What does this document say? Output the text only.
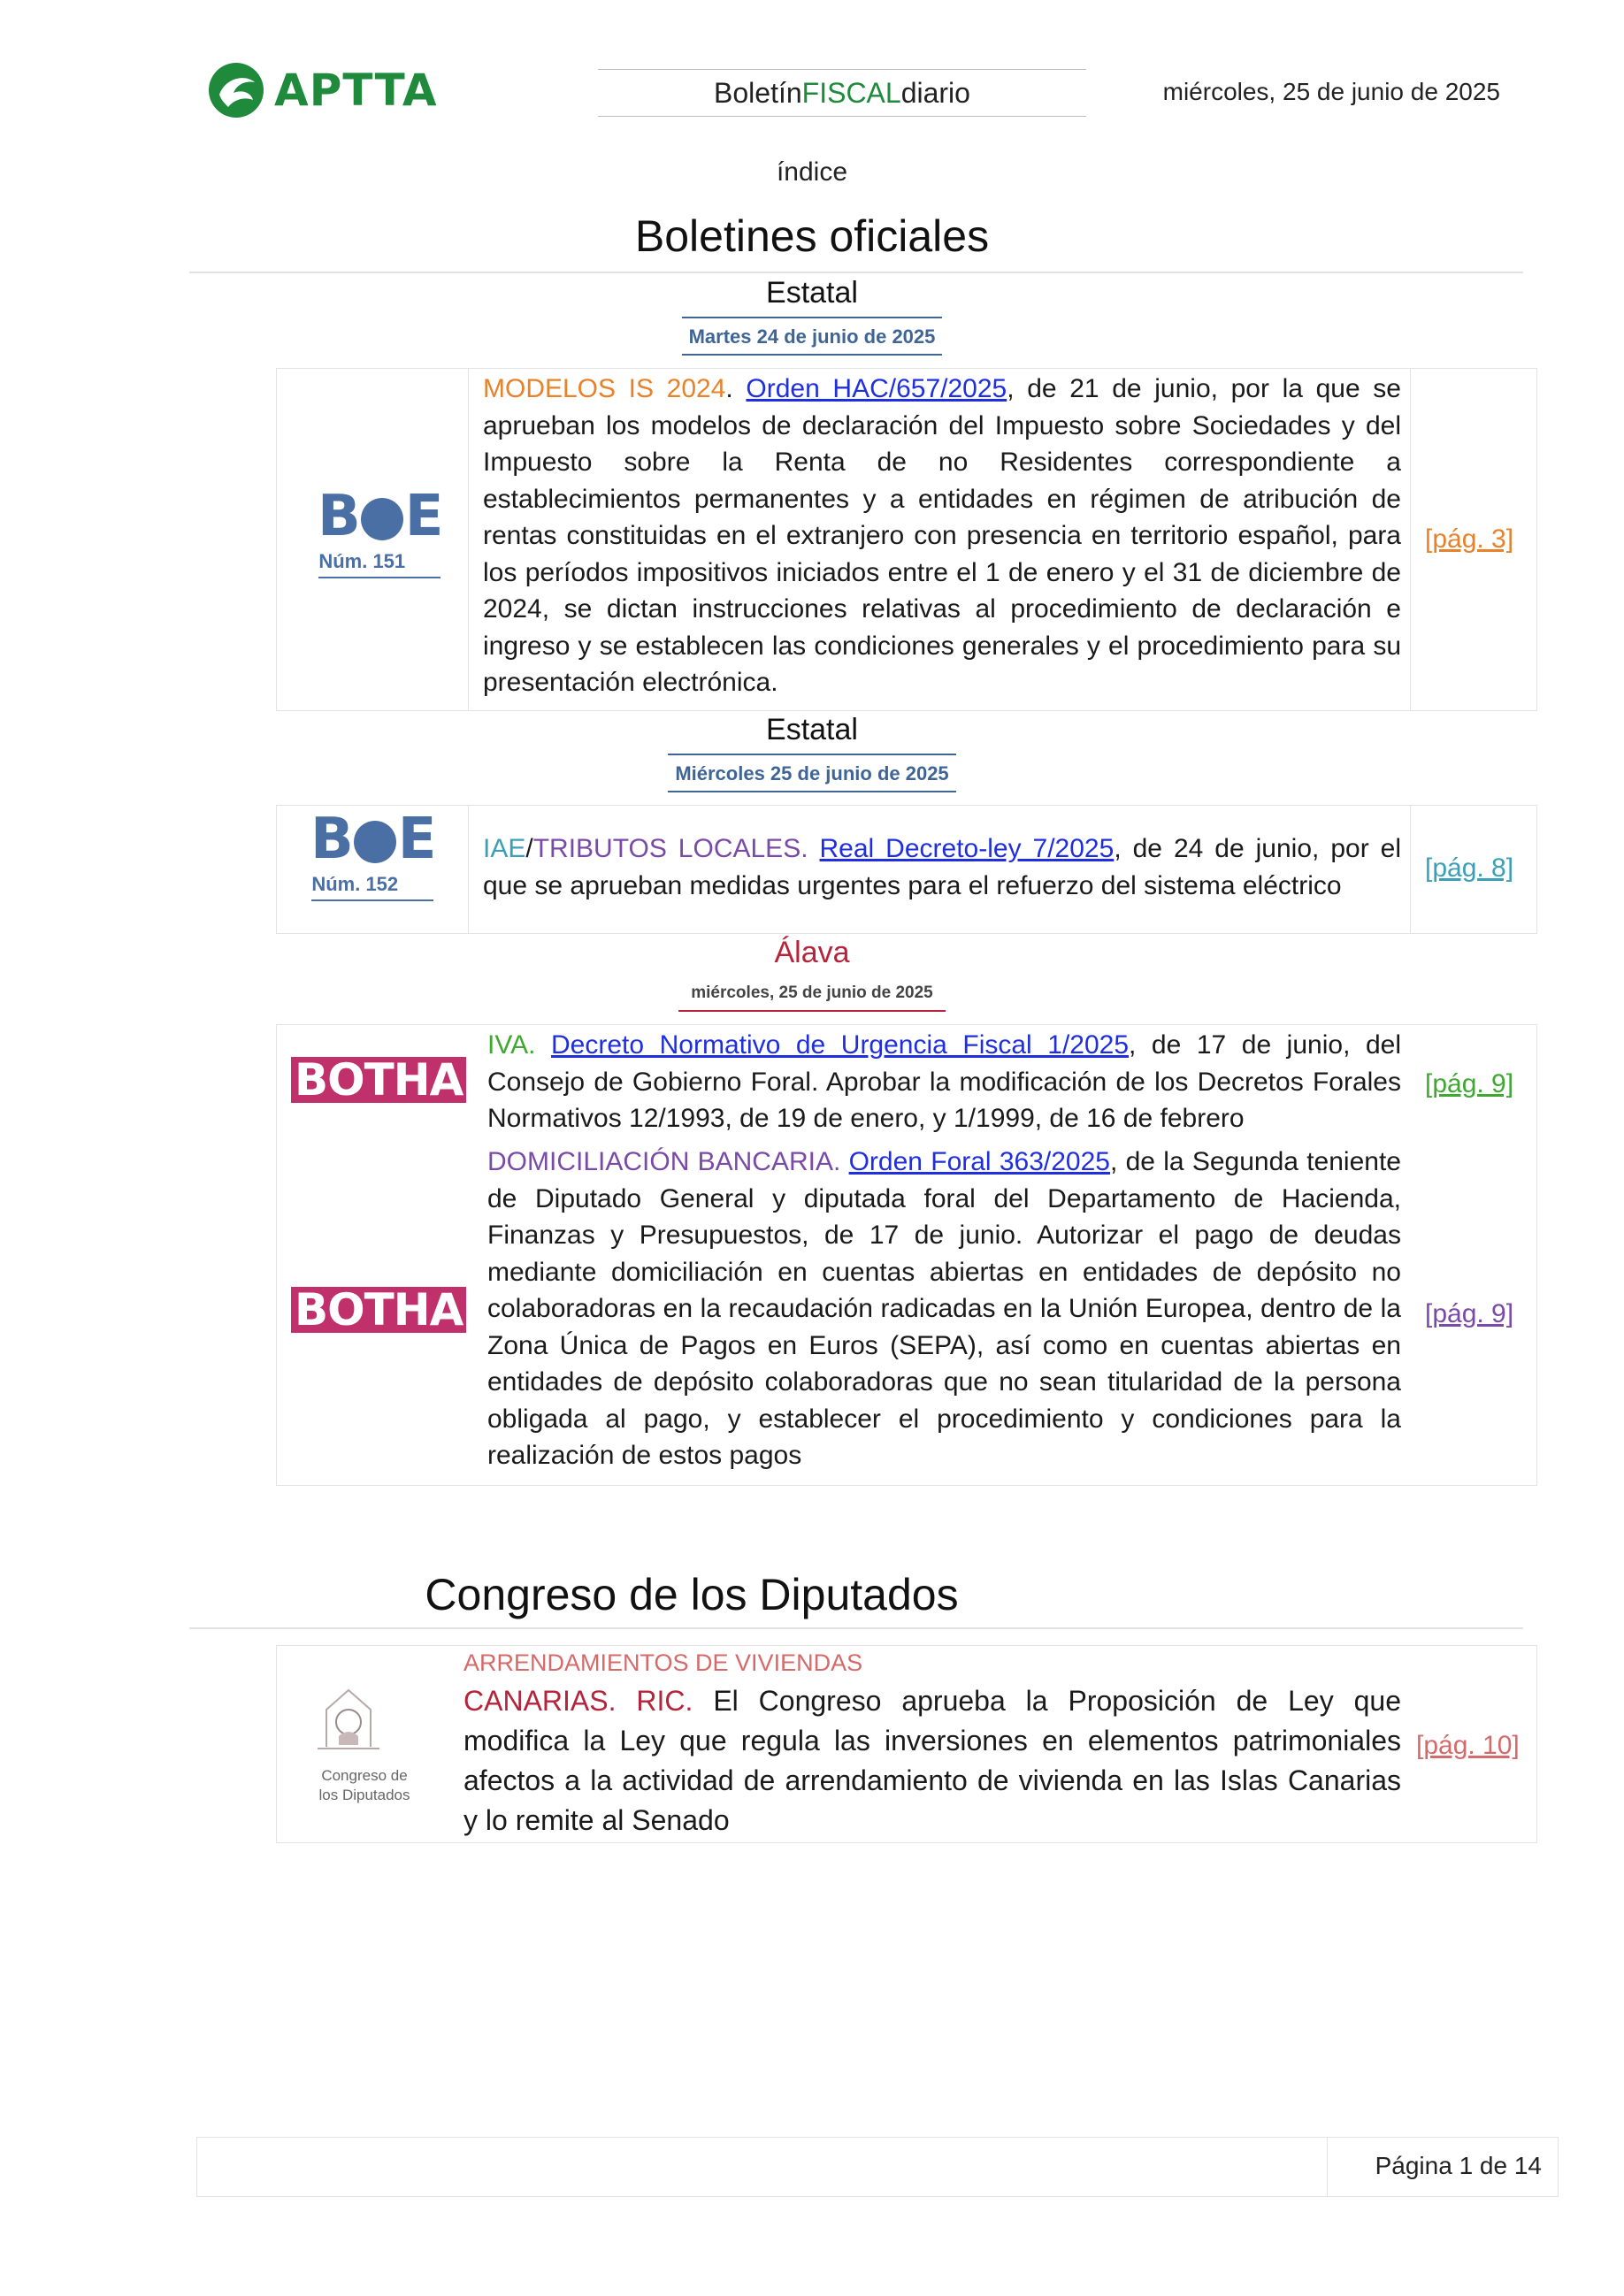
APTTA	Boletín FISCAL diario	miércoles, 25 de junio de 2025
índice
Boletines oficiales
Estatal
Martes 24 de junio de 2025
B E
Núm. 151
MODELOS IS 2024. Orden HAC/657/2025, de 21 de junio, por la que se aprueban los modelos de declaración del Impuesto sobre Sociedades y del Impuesto sobre la Renta de no Residentes correspondiente a establecimientos permanentes y a entidades en régimen de atribución de rentas constituidas en el extranjero con presencia en territorio español, para los períodos impositivos iniciados entre el 1 de enero y el 31 de diciembre de 2024, se dictan instrucciones relativas al procedimiento de declaración e ingreso y se establecen las condiciones generales y el procedimiento para su presentación electrónica.
[pág. 3]
Estatal
Miércoles 25 de junio de 2025
B E
Núm. 152
IAE/TRIBUTOS LOCALES. Real Decreto-ley 7/2025, de 24 de junio, por el que se aprueban medidas urgentes para el refuerzo del sistema eléctrico
[pág. 8]
Álava
miércoles, 25 de junio de 2025
BOTHA
BOTHA
IVA. Decreto Normativo de Urgencia Fiscal 1/2025, de 17 de junio, del Consejo de Gobierno Foral. Aprobar la modificación de los Decretos Forales Normativos 12/1993, de 19 de enero, y 1/1999, de 16 de febrero
DOMICILIACIÓN BANCARIA. Orden Foral 363/2025, de la Segunda teniente de Diputado General y diputada foral del Departamento de Hacienda, Finanzas y Presupuestos, de 17 de junio. Autorizar el pago de deudas mediante domiciliación en cuentas abiertas en entidades de depósito no colaboradoras en la recaudación radicadas en la Unión Europea, dentro de la Zona Única de Pagos en Euros (SEPA), así como en cuentas abiertas en entidades de depósito colaboradoras que no sean titularidad de la persona obligada al pago, y establecer el procedimiento y condiciones para la realización de estos pagos
[pág. 9]
[pág. 9]
Congreso de los Diputados
Congreso de
los Diputados
ARRENDAMIENTOS DE VIVIENDAS
CANARIAS. RIC. El Congreso aprueba la Proposición de Ley que modifica la Ley que regula las inversiones en elementos patrimoniales afectos a la actividad de arrendamiento de vivienda en las Islas Canarias y lo remite al Senado
[pág. 10]
Página 1 de 14
